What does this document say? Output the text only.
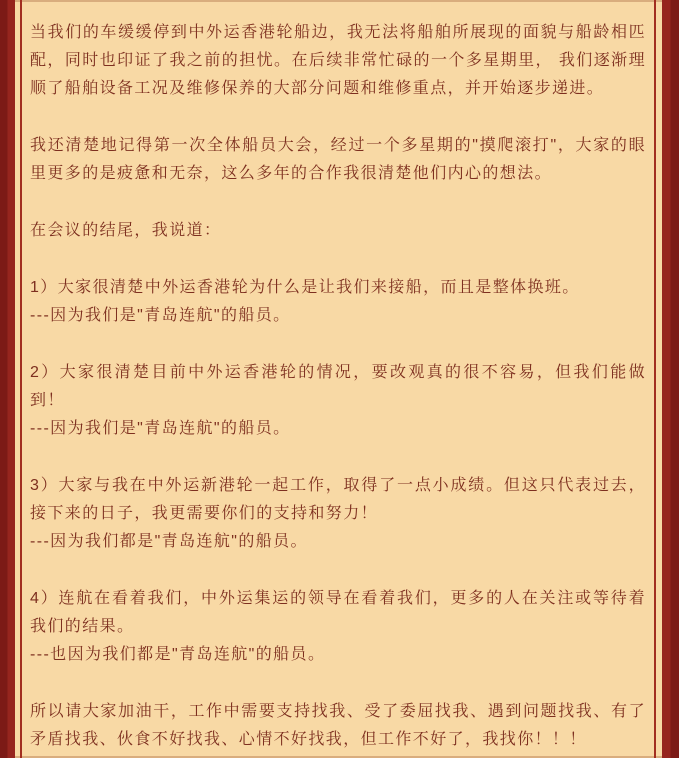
当我们的车缓缓停到中外运香港轮船边，我无法将船舶所展现的面貌与船龄相匹配，同时也印证了我之前的担忧。在后续非常忙碌的一个多星期里， 我们逐渐理顺了船舶设备工况及维修保养的大部分问题和维修重点，并开始逐步递进。

我还清楚地记得第一次全体船员大会，经过一个多星期的"摸爬滚打"，大家的眼里更多的是疲惫和无奈，这么多年的合作我很清楚他们内心的想法。

在会议的结尾，我说道：

1）大家很清楚中外运香港轮为什么是让我们来接船，而且是整体换班。
---因为我们是"青岛连航"的船员。

2）大家很清楚目前中外运香港轮的情况，要改观真的很不容易，但我们能做到！
---因为我们是"青岛连航"的船员。

3）大家与我在中外运新港轮一起工作，取得了一点小成绩。但这只代表过去，接下来的日子，我更需要你们的支持和努力！
---因为我们都是"青岛连航"的船员。

4）连航在看着我们，中外运集运的领导在看着我们，更多的人在关注或等待着我们的结果。
---也因为我们都是"青岛连航"的船员。

所以请大家加油干，工作中需要支持找我、受了委屈找我、遇到问题找我、有了矛盾找我、伙食不好找我、心情不好找我，但工作不好了，我找你！！！
